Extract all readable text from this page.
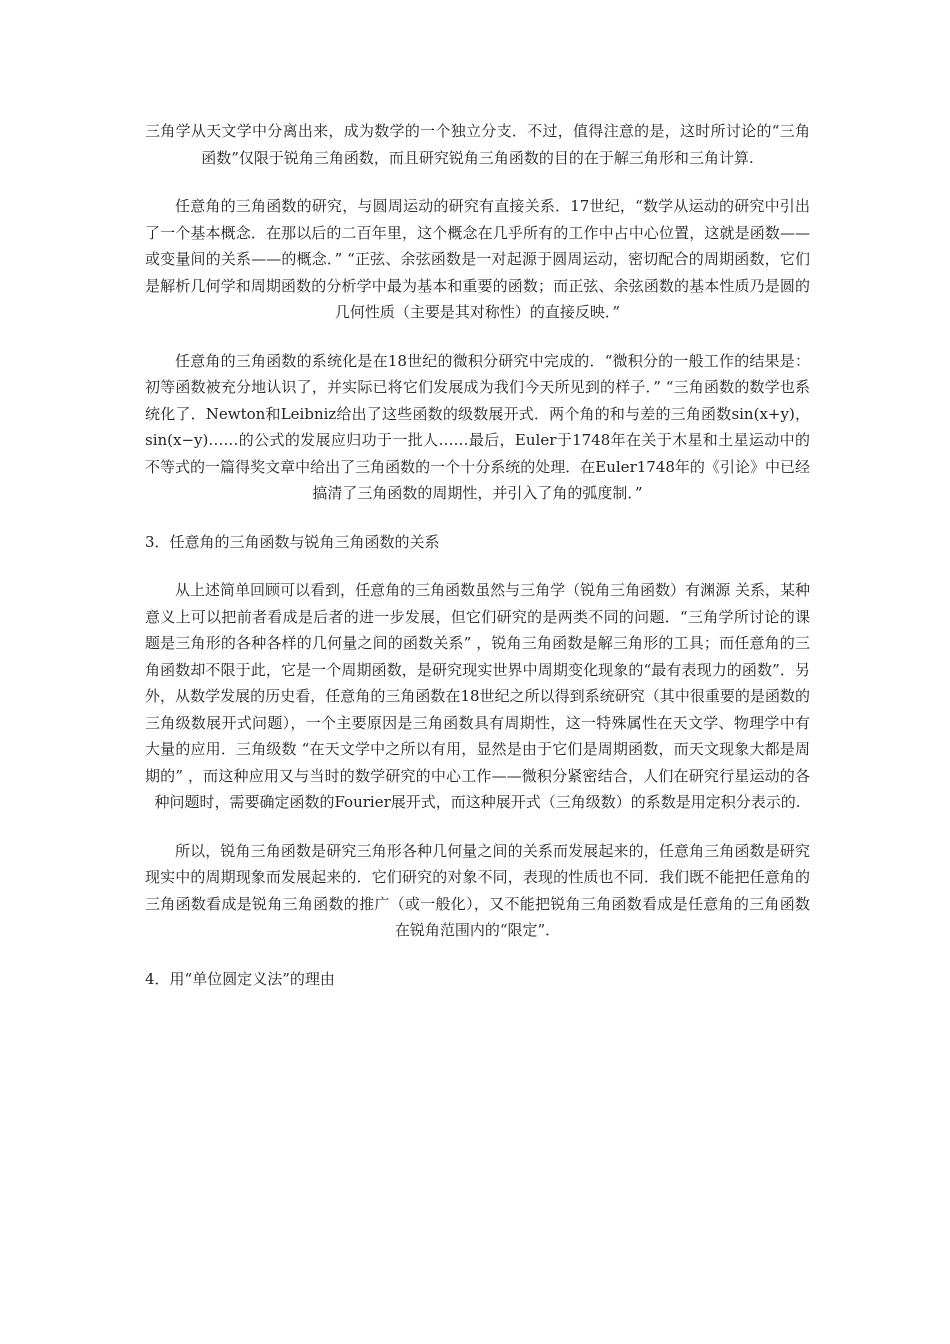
三角学从天文学中分离出来，成为数学的一个独立分支．不过，值得注意的是，这时所讨论的“三角函数”仅限于锐角三角函数，而且研究锐角三角函数的目的在于解三角形和三角计算.

任意角的三角函数的研究，与圆周运动的研究有直接关系．17世纪，“数学从运动的研究中引出了一个基本概念．在那以后的二百年里，这个概念在几乎所有的工作中占中心位置，这就是函数——或变量间的关系——的概念．” “正弦、余弦函数是一对起源于圆周运动，密切配合的周期函数，它们是解析几何学和周期函数的分析学中最为基本和重要的函数；而正弦、余弦函数的基本性质乃是圆的几何性质（主要是其对称性）的直接反映．”

任意角的三角函数的系统化是在18世纪的微积分研究中完成的．“微积分的一般工作的结果是：初等函数被充分地认识了，并实际已将它们发展成为我们今天所见到的样子．” “三角函数的数学也系统化了．Newton和Leibniz给出了这些函数的级数展开式．两个角的和与差的三角函数sin(x+y)，sin(x−y)……的公式的发展应归功于一批人……最后，Euler于1748年在关于木星和土星运动中的不等式的一篇得奖文章中给出了三角函数的一个十分系统的处理．在Euler1748年的《引论》中已经搞清了三角函数的周期性，并引入了角的弧度制．”

3．任意角的三角函数与锐角三角函数的关系

从上述简单回顾可以看到，任意角的三角函数虽然与三角学（锐角三角函数）有渊源 关系，某种意义上可以把前者看成是后者的进一步发展，但它们研究的是两类不同的问题．“三角学所讨论的课题是三角形的各种各样的几何量之间的函数关系” ，锐角三角函数是解三角形的工具；而任意角的三角函数却不限于此，它是一个周期函数，是研究现实世界中周期变化现象的“最有表现力的函数”．另外，从数学发展的历史看，任意角的三角函数在18世纪之所以得到系统研究（其中很重要的是函数的三角级数展开式问题），一个主要原因是三角函数具有周期性，这一特殊属性在天文学、物理学中有大量的应用．三角级数 “在天文学中之所以有用，显然是由于它们是周期函数，而天文现象大都是周期的” ，而这种应用又与当时的数学研究的中心工作——微积分紧密结合，人们在研究行星运动的各种问题时，需要确定函数的Fourier展开式，而这种展开式（三角级数）的系数是用定积分表示的.

所以，锐角三角函数是研究三角形各种几何量之间的关系而发展起来的，任意角三角函数是研究现实中的周期现象而发展起来的．它们研究的对象不同，表现的性质也不同．我们既不能把任意角的三角函数看成是锐角三角函数的推广（或一般化），又不能把锐角三角函数看成是任意角的三角函数在锐角范围内的“限定”．

4．用“单位圆定义法”的理由
